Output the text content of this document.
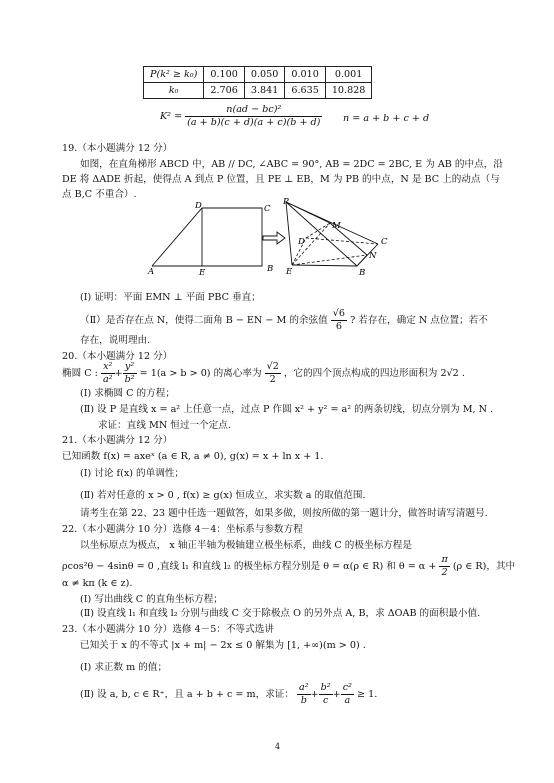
P(k² ≥ k₀)	0.100	0.050	0.010	0.001
k₀	2.706	3.841	6.635	10.828
$K^2 = \frac{\text{n(ad − bc)²}}{(a + b)(c + d)(a + c)(b + d)}$ n = a + b + c + d
19.（本小题满分 12 分）
如图，在直角梯形 ABCD 中，AB // DC, ∠ABC = 90°, AB = 2DC = 2BC, E 为 AB 的中点，沿
DE 将 ΔADE 折起，使得点 A 到点 P 位置，且 PE ⊥ EB，M 为 PB 的中点，N 是 BC 上的动点（与
点 B,C 不重合）.
D	C
A	E	B
P
D
M
C
N
E	B
(Ⅰ) 证明：平面 EMN ⊥ 平面 PBC 垂直；
（Ⅱ）是否存在点 N，使得二面角 B − EN − M 的余弦值 $\frac{√6}{6}$ ? 若存在，确定 N 点位置；若不
存在，说明理由.
20.（本小题满分 12 分）
椭圆 C : $\frac{\text{x²}}{\text{a²}} + \frac{\text{y²}}{\text{b²}} = 1(a > b > 0)$ 的离心率为 $\frac{√2}{2}$ ，它的四个顶点构成的四边形面积为 2√2 .
(Ⅰ) 求椭圆 C 的方程；
(Ⅱ) 设 P 是直线 x = a² 上任意一点，过点 P 作圆 x² + y² = a² 的两条切线，切点分别为 M, N .
求证：直线 MN 恒过一个定点.
21.（本小题满分 12 分）
已知函数 f(x) = axeˣ (a ∈ R, a ≠ 0), g(x) = x + ln x + 1.
(Ⅰ) 讨论 f(x) 的单调性；
(Ⅱ) 若对任意的 x > 0 , f(x) ≥ g(x) 恒成立，求实数 a 的取值范围.
请考生在第 22、23 题中任选一题做答，如果多做，则按所做的第一题计分，做答时请写清题号.
22.（本小题满分 10 分）选修 4－4：坐标系与参数方程
以坐标原点为极点， x 轴正半轴为极轴建立极坐标系，曲线 C 的极坐标方程是
ρcos²θ − 4sinθ = 0 ,直线 l₁ 和直线 l₂ 的极坐标方程分别是 θ = α(ρ ∈ R) 和 $\theta = \alpha + \frac{\pi}{2} (\rho$ ∈ R)，其中
α ≠ kπ (k ∈ z).
(Ⅰ) 写出曲线 C 的直角坐标方程；
(Ⅱ) 设直线 l₁ 和直线 l₂ 分别与曲线 C 交于除极点 O 的另外点 A, B，求 ΔOAB 的面积最小值.
23.（本小题满分 10 分）选修 4－5：不等式选讲
已知关于 x 的不等式 |x + m| − 2x ≤ 0 解集为 [1, +∞)(m > 0) .
(Ⅰ) 求正数 m 的值；
(Ⅱ) 设 a, b, c ∈ R⁺，且 a + b + c = m，求证： $\frac{\text{a²}}{b} + \frac{\text{b²}}{c} + \frac{\text{c²}}{a} \ge 1$.
4
